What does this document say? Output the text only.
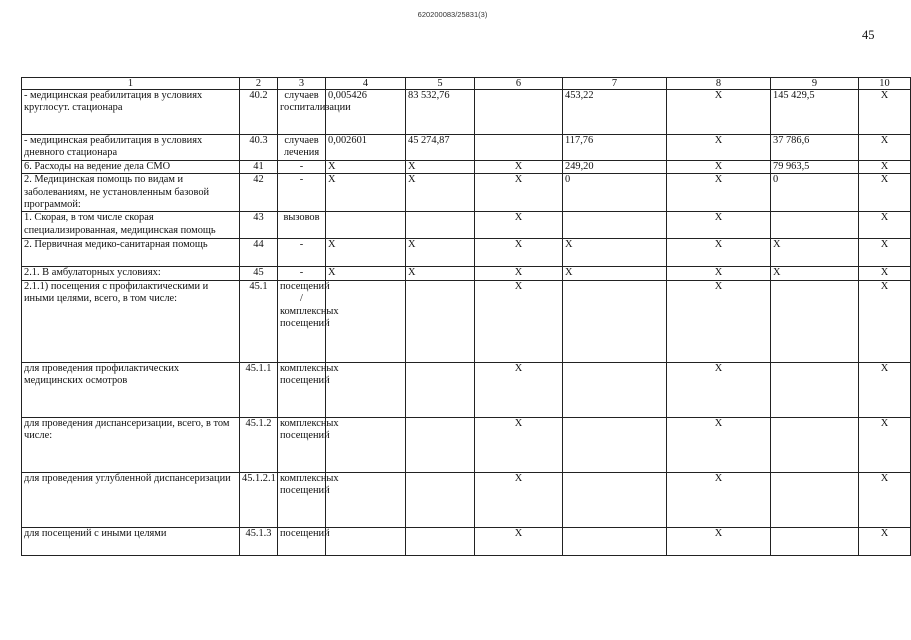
620200083/25831(3)
45
1	2	3	4	5	6	7	8	9	10
- медицинская реабилитация в условиях круглосут. стационара	40.2	случаев госпитализации	0,005426	83 532,76		453,22	Х	145 429,5	Х
- медицинская реабилитация в условиях дневного стационара	40.3	случаев лечения	0,002601	45 274,87		117,76	Х	37 786,6	Х
6. Расходы на ведение дела СМО	41	-	Х	Х	Х	249,20	Х	79 963,5	Х
2. Медицинская помощь по видам и заболеваниям, не установленным базовой программой:	42	-	Х	Х	Х	0	Х	0	Х
1. Скорая, в том числе скорая специализированная, медицинская помощь	43	вызовов			Х		Х		Х
2. Первичная медико-санитарная помощь	44	-	Х	Х	Х	Х	Х	Х	Х
2.1. В амбулаторных условиях:	45	-	Х	Х	Х	Х	Х	Х	Х
2.1.1) посещения с профилактическими и иными целями, всего, в том числе:	45.1	посещений / комплексных посещений			Х		Х		Х
для проведения профилактических медицинских осмотров	45.1.1	комплексных посещений			Х		Х		Х
для проведения диспансеризации, всего, в том числе:	45.1.2	комплексных посещений			Х		Х		Х
для проведения углубленной диспансеризации	45.1.2.1	комплексных посещений			Х		Х		Х
для посещений с иными целями	45.1.3	посещений			Х		Х		Х
